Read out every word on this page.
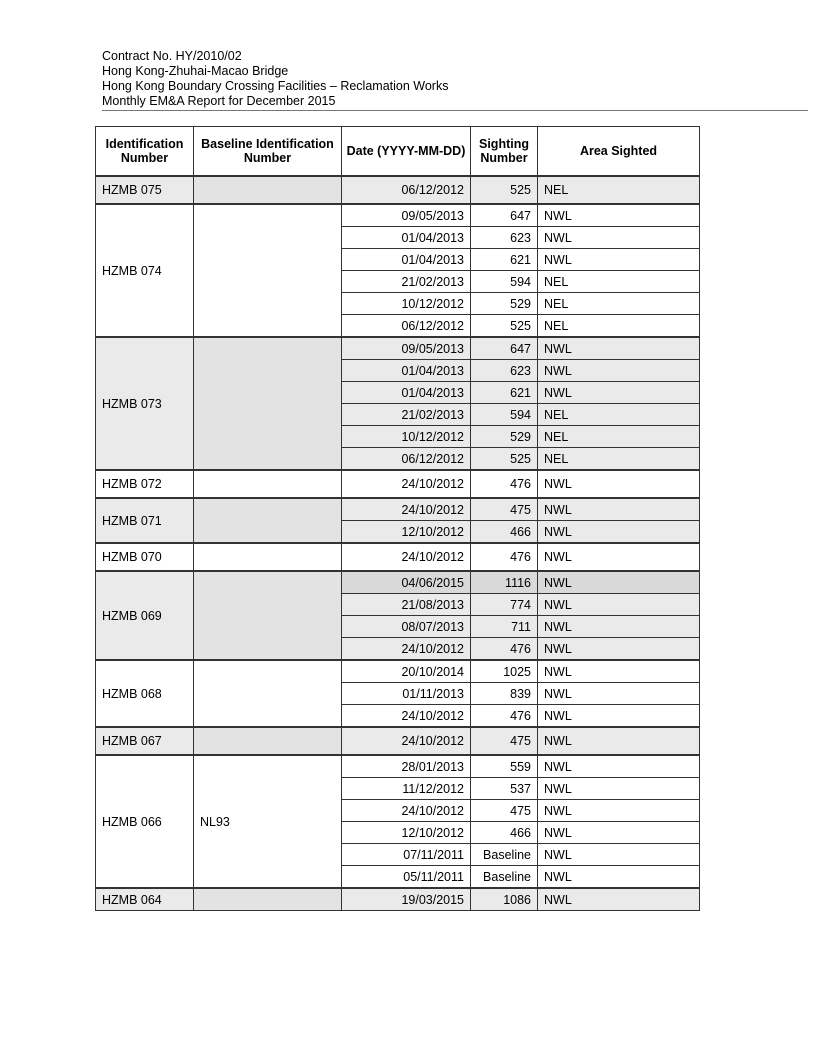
Contract No. HY/2010/02
Hong Kong-Zhuhai-Macao Bridge
Hong Kong Boundary Crossing Facilities – Reclamation Works
Monthly EM&A Report for December 2015
Identification Number	Baseline Identification Number	Date (YYYY-MM-DD)	Sighting Number	Area Sighted
HZMB 075		06/12/2012	525	NEL
HZMB 074		09/05/2013	647	NWL
		01/04/2013	623	NWL
		01/04/2013	621	NWL
		21/02/2013	594	NEL
		10/12/2012	529	NEL
		06/12/2012	525	NEL
HZMB 073		09/05/2013	647	NWL
		01/04/2013	623	NWL
		01/04/2013	621	NWL
		21/02/2013	594	NEL
		10/12/2012	529	NEL
		06/12/2012	525	NEL
HZMB 072		24/10/2012	476	NWL
HZMB 071		24/10/2012	475	NWL
		12/10/2012	466	NWL
HZMB 070		24/10/2012	476	NWL
HZMB 069		04/06/2015	1116	NWL
		21/08/2013	774	NWL
		08/07/2013	711	NWL
		24/10/2012	476	NWL
HZMB 068		20/10/2014	1025	NWL
		01/11/2013	839	NWL
		24/10/2012	476	NWL
HZMB 067		24/10/2012	475	NWL
HZMB 066	NL93	28/01/2013	559	NWL
		11/12/2012	537	NWL
		24/10/2012	475	NWL
		12/10/2012	466	NWL
		07/11/2011	Baseline	NWL
		05/11/2011	Baseline	NWL
HZMB 064		19/03/2015	1086	NWL
